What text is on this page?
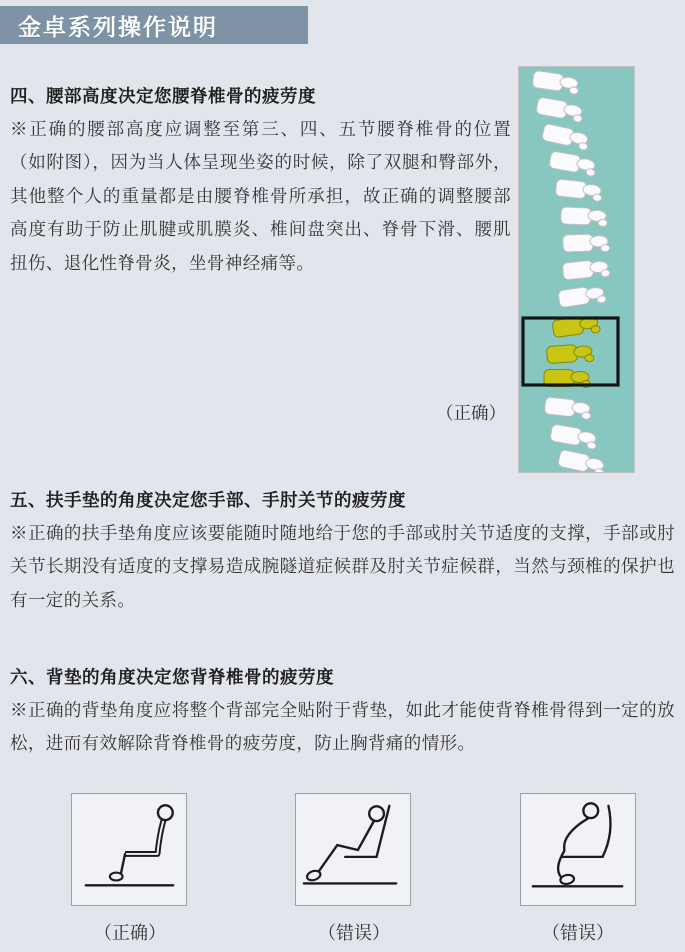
金卓系列操作说明
四、腰部高度决定您腰脊椎骨的疲劳度
※正确的腰部高度应调整至第三、四、五节腰脊椎骨的位置（如附图），因为当人体呈现坐姿的时候，除了双腿和臀部外，其他整个人的重量都是由腰脊椎骨所承担，故正确的调整腰部高度有助于防止肌腱或肌膜炎、椎间盘突出、脊骨下滑、腰肌扭伤、退化性脊骨炎，坐骨神经痛等。
（正确）
五、扶手垫的角度决定您手部、手肘关节的疲劳度
※正确的扶手垫角度应该要能随时随地给于您的手部或肘关节适度的支撑，手部或肘关节长期没有适度的支撑易造成腕隧道症候群及肘关节症候群，当然与颈椎的保护也有一定的关系。
六、背垫的角度决定您背脊椎骨的疲劳度
※正确的背垫角度应将整个背部完全贴附于背垫，如此才能使背脊椎骨得到一定的放松，进而有效解除背脊椎骨的疲劳度，防止胸背痛的情形。
（正确）	（错误）	（错误）
